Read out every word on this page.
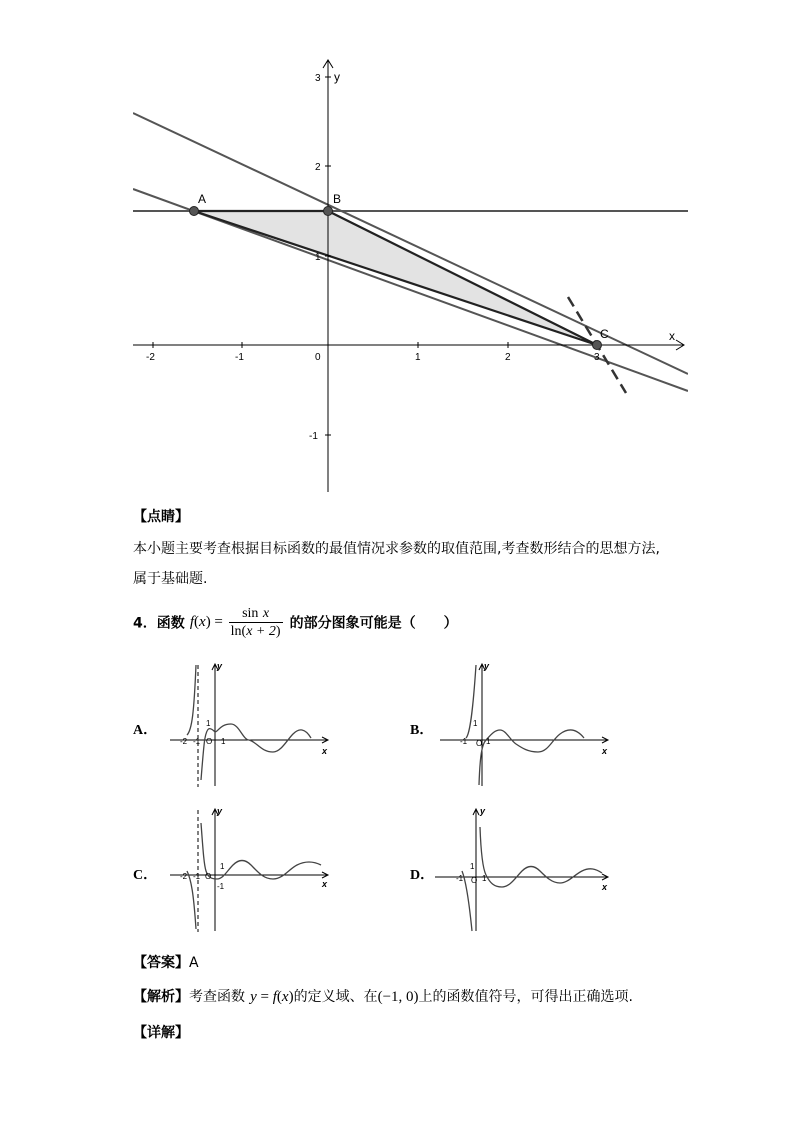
x
y
-2	-1	0	1	2	3
3
2
1
-1
A	B
C
【点睛】
本小题主要考查根据目标函数的最值情况求参数的取值范围,考查数形结合的思想方法,
属于基础题.
4．函数 $f(x) = \frac{\text{sin x}}{\ln(x + 2)}$ 的部分图象可能是（　　）
A．
y
x
1
-2 -1 O 1
B．
y
x
1
-1 O 1
C．
y
x
1
-2 -1 O
-1
D．
y
x
1
-1 O 1
【答案】A
【解析】考查函数 y = f(x)的定义域、在(−1, 0)上的函数值符号，可得出正确选项.
【详解】
